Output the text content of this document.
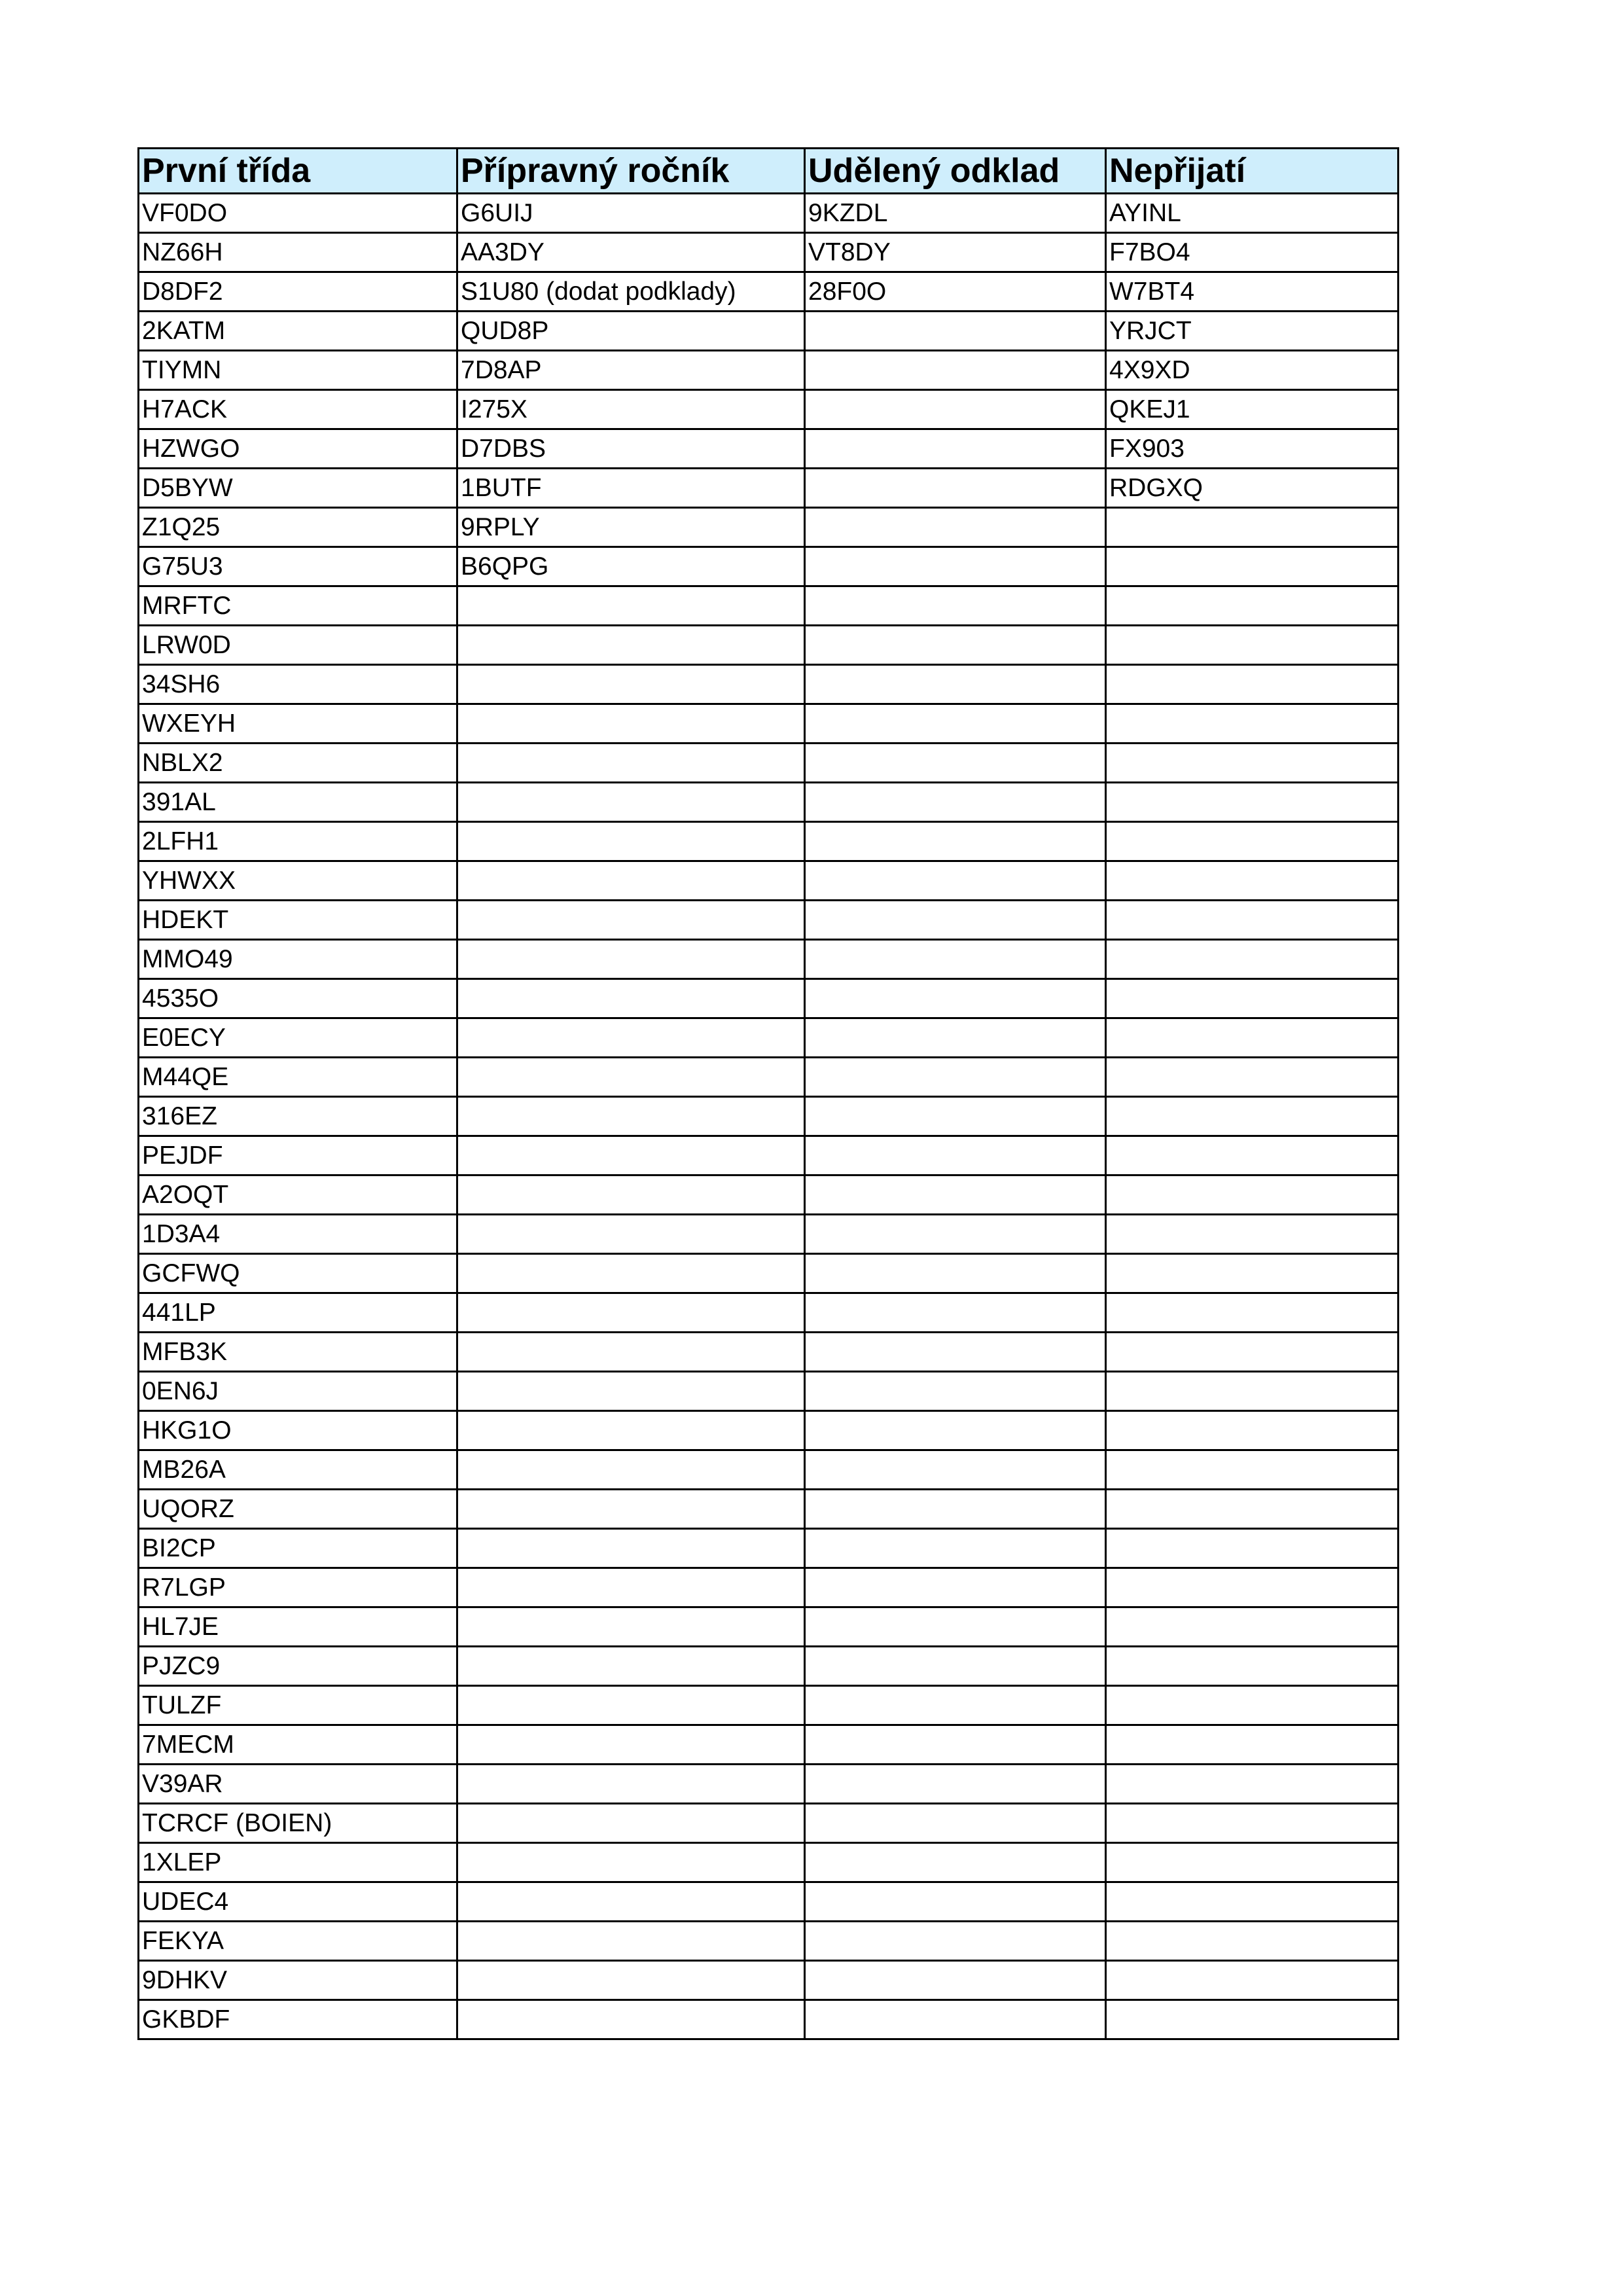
První třída	Přípravný ročník	Udělený odklad	Nepřijatí
VF0DO	G6UIJ	9KZDL	AYINL
NZ66H	AA3DY	VT8DY	F7BO4
D8DF2	S1U80 (dodat podklady)	28F0O	W7BT4
2KATM	QUD8P		YRJCT
TIYMN	7D8AP		4X9XD
H7ACK	I275X		QKEJ1
HZWGO	D7DBS		FX903
D5BYW	1BUTF		RDGXQ
Z1Q25	9RPLY		
G75U3	B6QPG		
MRFTC			
LRW0D			
34SH6			
WXEYH			
NBLX2			
391AL			
2LFH1			
YHWXX			
HDEKT			
MMO49			
4535O			
E0ECY			
M44QE			
316EZ			
PEJDF			
A2OQT			
1D3A4			
GCFWQ			
441LP			
MFB3K			
0EN6J			
HKG1O			
MB26A			
UQORZ			
BI2CP			
R7LGP			
HL7JE			
PJZC9			
TULZF			
7MECM			
V39AR			
TCRCF (BOIEN)			
1XLEP			
UDEC4			
FEKYA			
9DHKV			
GKBDF			
